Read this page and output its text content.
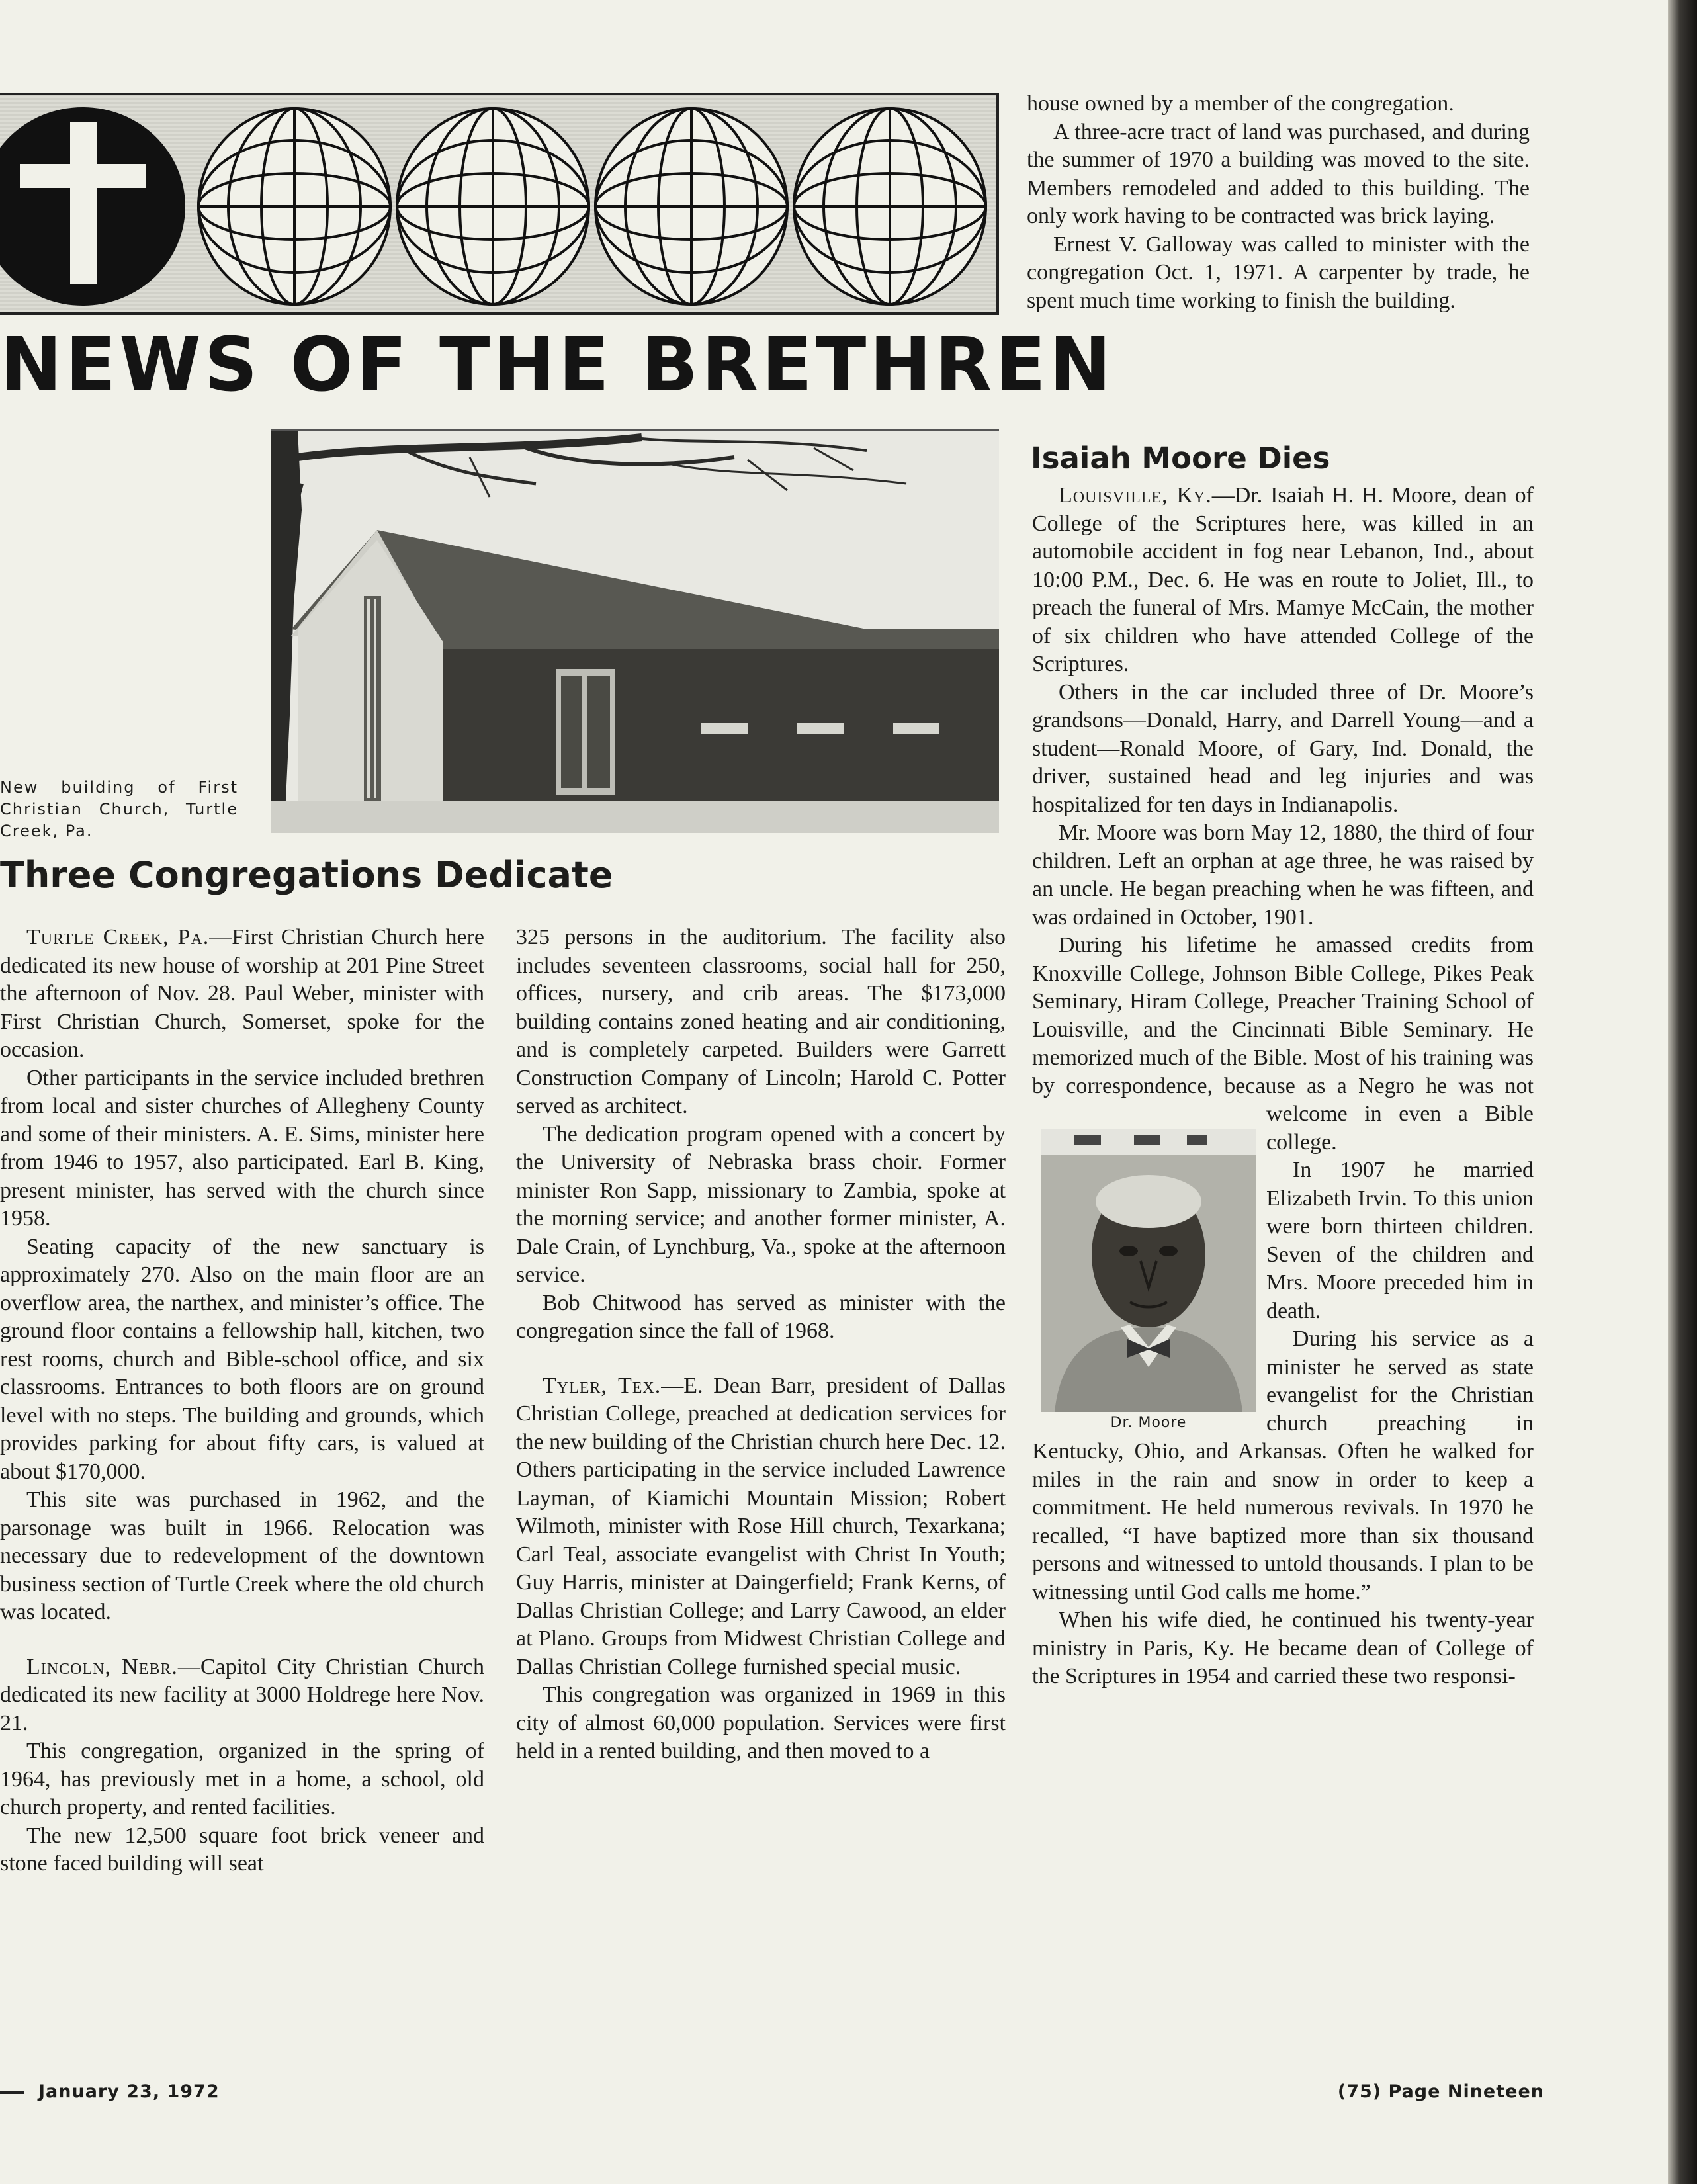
NEWS OF THE BRETHREN

New building of First Christian Church, Turtle Creek, Pa.

Three Congregations Dedicate

Turtle Creek, Pa.—First Christian Church here dedicated its new house of worship at 201 Pine Street the afternoon of Nov. 28. Paul Weber, minister with First Christian Church, Somerset, spoke for the occasion.

Other participants in the service included brethren from local and sister churches of Allegheny County and some of their ministers. A. E. Sims, minister here from 1946 to 1957, also participated. Earl B. King, present minister, has served with the church since 1958.

Seating capacity of the new sanctuary is approximately 270. Also on the main floor are an overflow area, the narthex, and minister’s office. The ground floor contains a fellowship hall, kitchen, two rest rooms, church and Bible-school office, and six classrooms. Entrances to both floors are on ground level with no steps. The building and grounds, which provides parking for about fifty cars, is valued at about $170,000.

This site was purchased in 1962, and the parsonage was built in 1966. Relocation was necessary due to redevelopment of the downtown business section of Turtle Creek where the old church was located.

Lincoln, Nebr.—Capitol City Christian Church dedicated its new facility at 3000 Holdrege here Nov. 21.

This congregation, organized in the spring of 1964, has previously met in a home, a school, old church property, and rented facilities.

The new 12,500 square foot brick veneer and stone faced building will seat

325 persons in the auditorium. The facility also includes seventeen classrooms, social hall for 250, offices, nursery, and crib areas. The $173,000 building contains zoned heating and air conditioning, and is completely carpeted. Builders were Garrett Construction Company of Lincoln; Harold C. Potter served as architect.

The dedication program opened with a concert by the University of Nebraska brass choir. Former minister Ron Sapp, missionary to Zambia, spoke at the morning service; and another former minister, A. Dale Crain, of Lynchburg, Va., spoke at the afternoon service.

Bob Chitwood has served as minister with the congregation since the fall of 1968.

Tyler, Tex.—E. Dean Barr, president of Dallas Christian College, preached at dedication services for the new building of the Christian church here Dec. 12. Others participating in the service included Lawrence Layman, of Kiamichi Mountain Mission; Robert Wilmoth, minister with Rose Hill church, Texarkana; Carl Teal, associate evangelist with Christ In Youth; Guy Harris, minister at Daingerfield; Frank Kerns, of Dallas Christian College; and Larry Cawood, an elder at Plano. Groups from Midwest Christian College and Dallas Christian College furnished special music.

This congregation was organized in 1969 in this city of almost 60,000 population. Services were first held in a rented building, and then moved to a

house owned by a member of the congregation.

A three-acre tract of land was purchased, and during the summer of 1970 a building was moved to the site. Members remodeled and added to this building. The only work having to be contracted was brick laying.

Ernest V. Galloway was called to minister with the congregation Oct. 1, 1971. A carpenter by trade, he spent much time working to finish the building.

Isaiah Moore Dies

Louisville, Ky.—Dr. Isaiah H. H. Moore, dean of College of the Scriptures here, was killed in an automobile accident in fog near Lebanon, Ind., about 10:00 P.M., Dec. 6. He was en route to Joliet, Ill., to preach the funeral of Mrs. Mamye McCain, the mother of six children who have attended College of the Scriptures.

Others in the car included three of Dr. Moore’s grandsons—Donald, Harry, and Darrell Young—and a student—Ronald Moore, of Gary, Ind. Donald, the driver, sustained head and leg injuries and was hospitalized for ten days in Indianapolis.

Mr. Moore was born May 12, 1880, the third of four children. Left an orphan at age three, he was raised by an uncle. He began preaching when he was fifteen, and was ordained in October, 1901.

During his lifetime he amassed credits from Knoxville College, Johnson Bible College, Pikes Peak Seminary, Hiram College, Preacher Training School of Louisville, and the Cincinnati Bible Seminary. He memorized much of the Bible. Most of his training was by correspondence, because as a Negro he was not welcome in even a Bible college.

In 1907 he married Elizabeth Irvin. To this union were born thirteen children. Seven of the children and Mrs. Moore preceded him in death.

During his service as a minister he served as state evangelist for the Christian church preaching in Kentucky, Ohio, and Arkansas. Often he walked for miles in the rain and snow in order to keep a commitment. He held numerous revivals. In 1970 he recalled, “I have baptized more than six thousand persons and witnessed to untold thousands. I plan to be witnessing until God calls me home.”

When his wife died, he continued his twenty-year ministry in Paris, Ky. He became dean of College of the Scriptures in 1954 and carried these two responsi-

Dr. Moore
January 23, 1972	(75) Page Nineteen
